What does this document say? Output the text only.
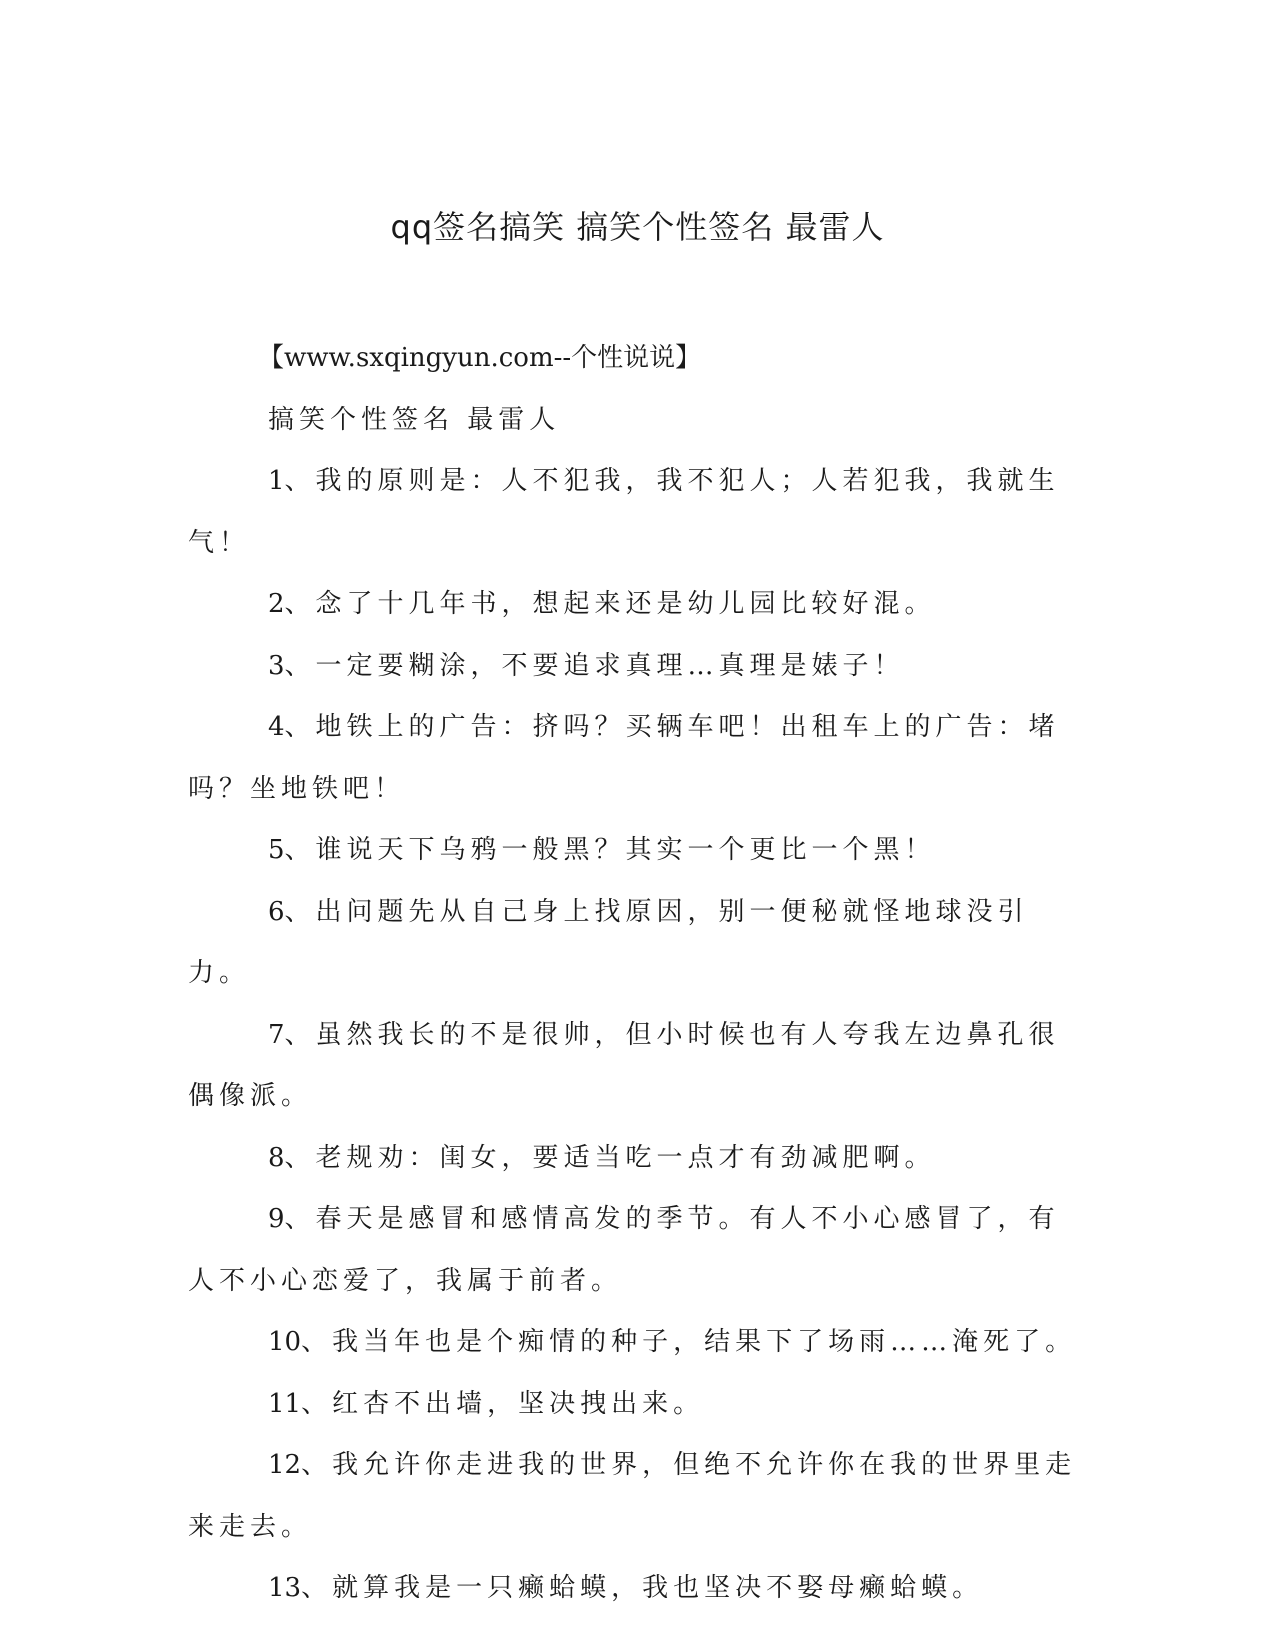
qq签名搞笑 搞笑个性签名 最雷人

【www.sxqingyun.com--个性说说】

搞笑个性签名 最雷人

1、我的原则是：人不犯我，我不犯人；人若犯我，我就生气！

2、念了十几年书，想起来还是幼儿园比较好混。

3、一定要糊涂，不要追求真理…真理是婊子！

4、地铁上的广告：挤吗？买辆车吧！出租车上的广告：堵吗？坐地铁吧！

5、谁说天下乌鸦一般黑？其实一个更比一个黑！

6、出问题先从自己身上找原因，别一便秘就怪地球没引力。

7、虽然我长的不是很帅，但小时候也有人夸我左边鼻孔很偶像派。

8、老规劝：闺女，要适当吃一点才有劲减肥啊。

9、春天是感冒和感情高发的季节。有人不小心感冒了，有人不小心恋爱了，我属于前者。

10、我当年也是个痴情的种子，结果下了场雨……淹死了。

11、红杏不出墙，坚决拽出来。

12、我允许你走进我的世界，但绝不允许你在我的世界里走来走去。

13、就算我是一只癞蛤蟆，我也坚决不娶母癞蛤蟆。
